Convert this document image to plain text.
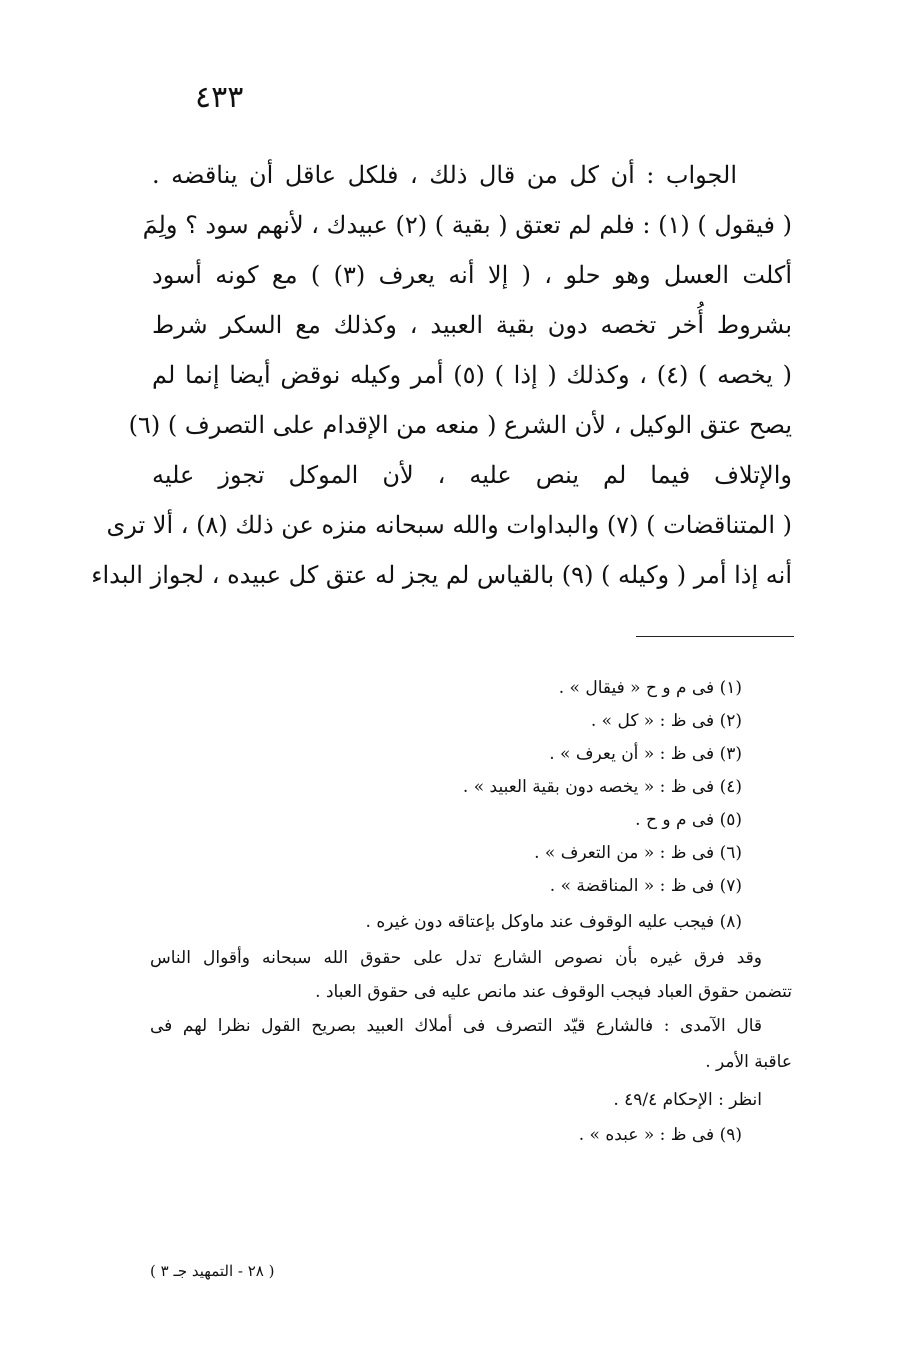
٤٣٣
الجواب : أن كل من قال ذلك ، فلكل عاقل أن يناقضه .
( فيقول ) (١) : فلم لم تعتق ( بقية ) (٢) عبيدك ، لأنهم سود ؟ ولِمَ
أكلت العسل وهو حلو ، ( إلا أنه يعرف (٣) ) مع كونه أسود
بشروط أُخر تخصه دون بقية العبيد ، وكذلك مع السكر شرط
( يخصه ) (٤) ، وكذلك ( إذا ) (٥) أمر وكيله نوقض أيضا إنما لم
يصح عتق الوكيل ، لأن الشرع ( منعه من الإقدام على التصرف ) (٦)
والإتلاف فيما لم ينص عليه ، لأن الموكل تجوز عليه
( المتناقضات ) (٧) والبداوات والله سبحانه منزه عن ذلك (٨) ، ألا ترى
أنه إذا أمر ( وكيله ) (٩) بالقياس لم يجز له عتق كل عبيده ، لجواز البداء
(١) فى م و ح « فيقال » .
(٢) فى ظ : « كل » .
(٣) فى ظ : « أن يعرف » .
(٤) فى ظ : « يخصه دون بقية العبيد » .
(٥) فى م و ح .
(٦) فى ظ : « من التعرف » .
(٧) فى ظ : « المناقضة » .
(٨) فيجب عليه الوقوف عند ماوكل بإعتاقه دون غيره .
وقد فرق غيره بأن نصوص الشارع تدل على حقوق الله سبحانه وأقوال الناس
تتضمن حقوق العباد فيجب الوقوف عند مانص عليه فى حقوق العباد .
قال الآمدى : فالشارع قيّد التصرف فى أملاك العبيد بصريح القول نظرا لهم فى
عاقبة الأمر .
انظر : الإحكام ٤٩/٤ .
(٩) فى ظ : « عبده » .
( ٢٨ - التمهيد جـ ٣ )
